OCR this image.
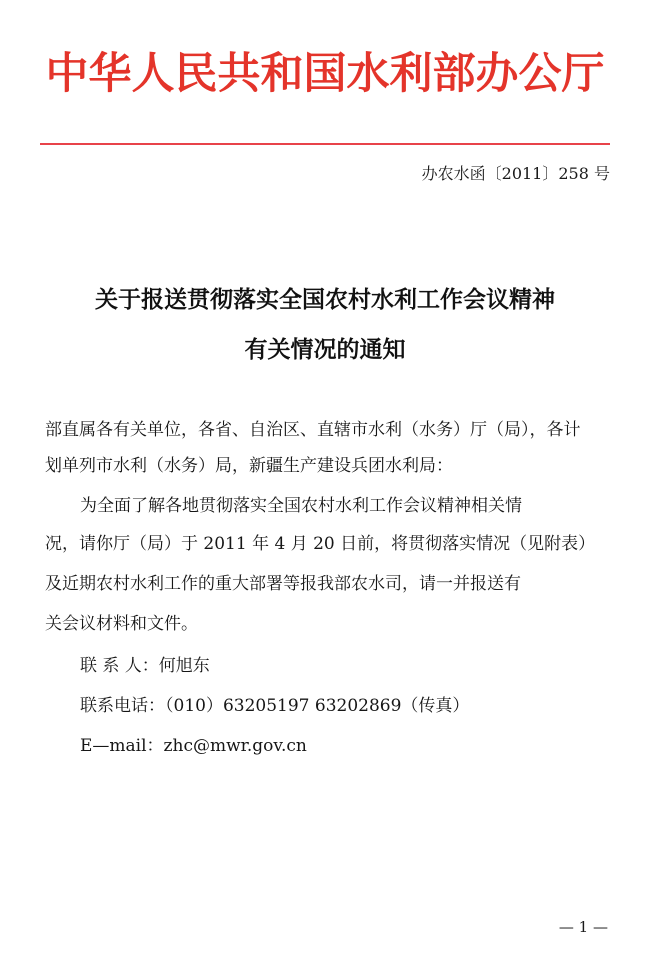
中华人民共和国水利部办公厅
办农水函〔2011〕258 号
关于报送贯彻落实全国农村水利工作会议精神
有关情况的通知
部直属各有关单位，各省、自治区、直辖市水利（水务）厅（局），各计
划单列市水利（水务）局，新疆生产建设兵团水利局：
为全面了解各地贯彻落实全国农村水利工作会议精神相关情
况，请你厅（局）于 2011 年 4 月 20 日前，将贯彻落实情况（见附表）
及近期农村水利工作的重大部署等报我部农水司，请一并报送有
关会议材料和文件。
联 系 人：何旭东
联系电话：（010）63205197 63202869（传真）
E—mail：zhc@mwr.gov.cn
— 1 —
